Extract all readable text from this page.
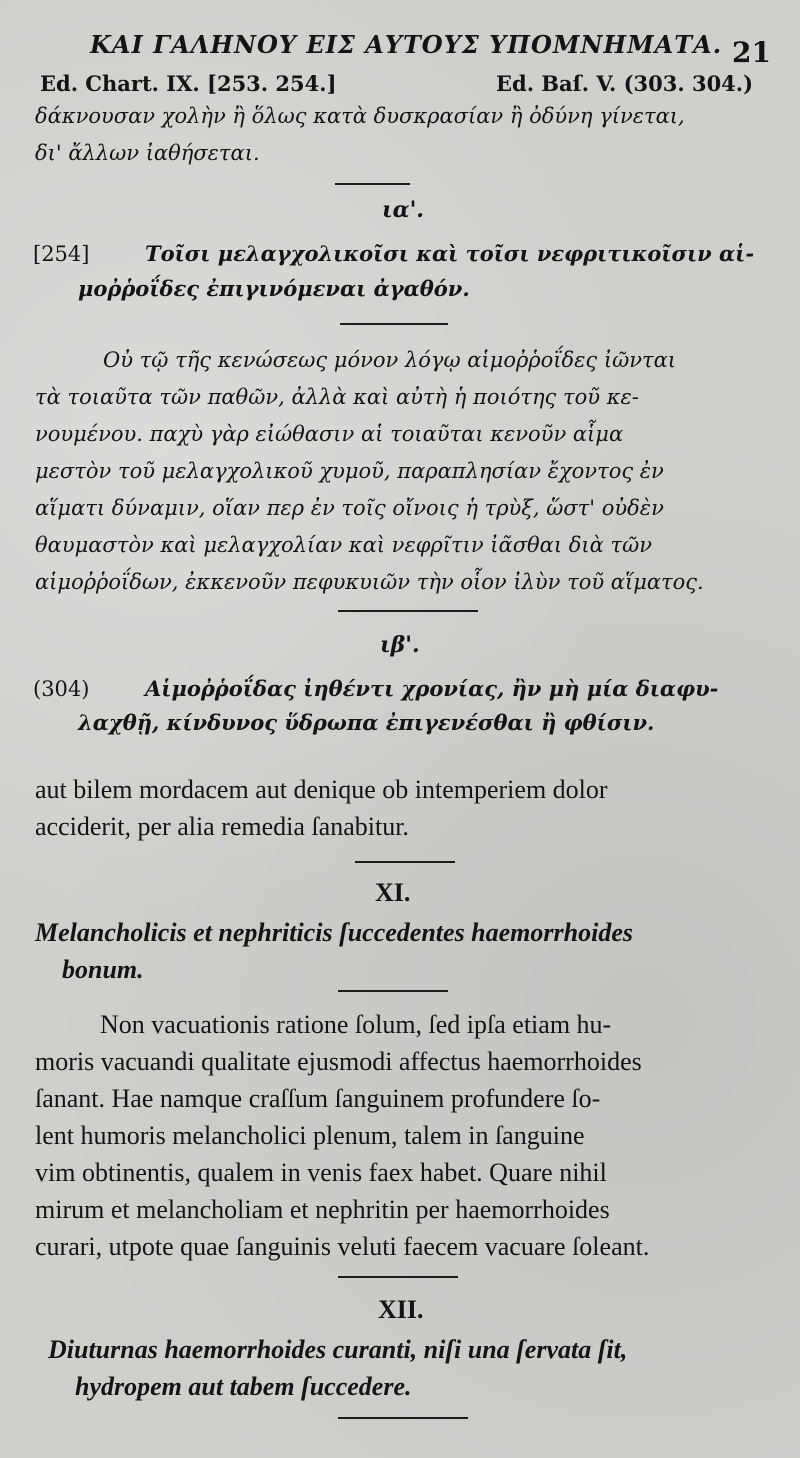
ΚΑΙ ΓΑΛΗΝΟΥ ΕΙΣ ΑΥΤΟΥΣ ΥΠΟΜΝΗΜΑΤΑ. 21
Ed. Chart. IX. [253. 254.]	Ed. Baſ. V. (303. 304.)
δάκνουσαν χολὴν ἢ ὅλως κατὰ δυσκρασίαν ἢ ὀδύνη γίνεται,
δι' ἄλλων ἰαθήσεται.
ια'.
[254]	Τοῖσι μελαγχολικοῖσι καὶ τοῖσι νεφριτικοῖσιν αἱ-
μοῤῥοΐδες ἐπιγινόμεναι ἀγαθόν.
Οὐ τῷ τῆς κενώσεως μόνον λόγῳ αἱμοῤῥοΐδες ἰῶνται
τὰ τοιαῦτα τῶν παθῶν, ἀλλὰ καὶ αὐτὴ ἡ ποιότης τοῦ κε-
νουμένου. παχὺ γὰρ εἰώθασιν αἱ τοιαῦται κενοῦν αἷμα
μεστὸν τοῦ μελαγχολικοῦ χυμοῦ, παραπλησίαν ἔχοντος ἐν
αἵματι δύναμιν, οἵαν περ ἐν τοῖς οἴνοις ἡ τρὺξ, ὥστ' οὐδὲν
θαυμαστὸν καὶ μελαγχολίαν καὶ νεφρῖτιν ἰᾶσθαι διὰ τῶν
αἱμοῤῥοΐδων, ἐκκενοῦν πεφυκυιῶν τὴν οἷον ἰλὺν τοῦ αἵματος.
ιβ'.
(304)	Αἱμοῤῥοΐδας ἰηθέντι χρονίας, ἢν μὴ μία διαφυ-
λαχθῇ, κίνδυνος ὕδρωπα ἐπιγενέσθαι ἢ φθίσιν.
aut bilem mordacem aut denique ob intemperiem dolor
acciderit, per alia remedia ſanabitur.
XI.
Melancholicis et nephriticis ſuccedentes haemorrhoides
bonum.
Non vacuationis ratione ſolum, ſed ipſa etiam hu-
moris vacuandi qualitate ejusmodi affectus haemorrhoides
ſanant. Hae namque craſſum ſanguinem profundere ſo-
lent humoris melancholici plenum, talem in ſanguine
vim obtinentis, qualem in venis faex habet. Quare nihil
mirum et melancholiam et nephritin per haemorrhoides
curari, utpote quae ſanguinis veluti faecem vacuare ſoleant.
XII.
Diuturnas haemorrhoides curanti, niſi una ſervata ſit,
hydropem aut tabem ſuccedere.
